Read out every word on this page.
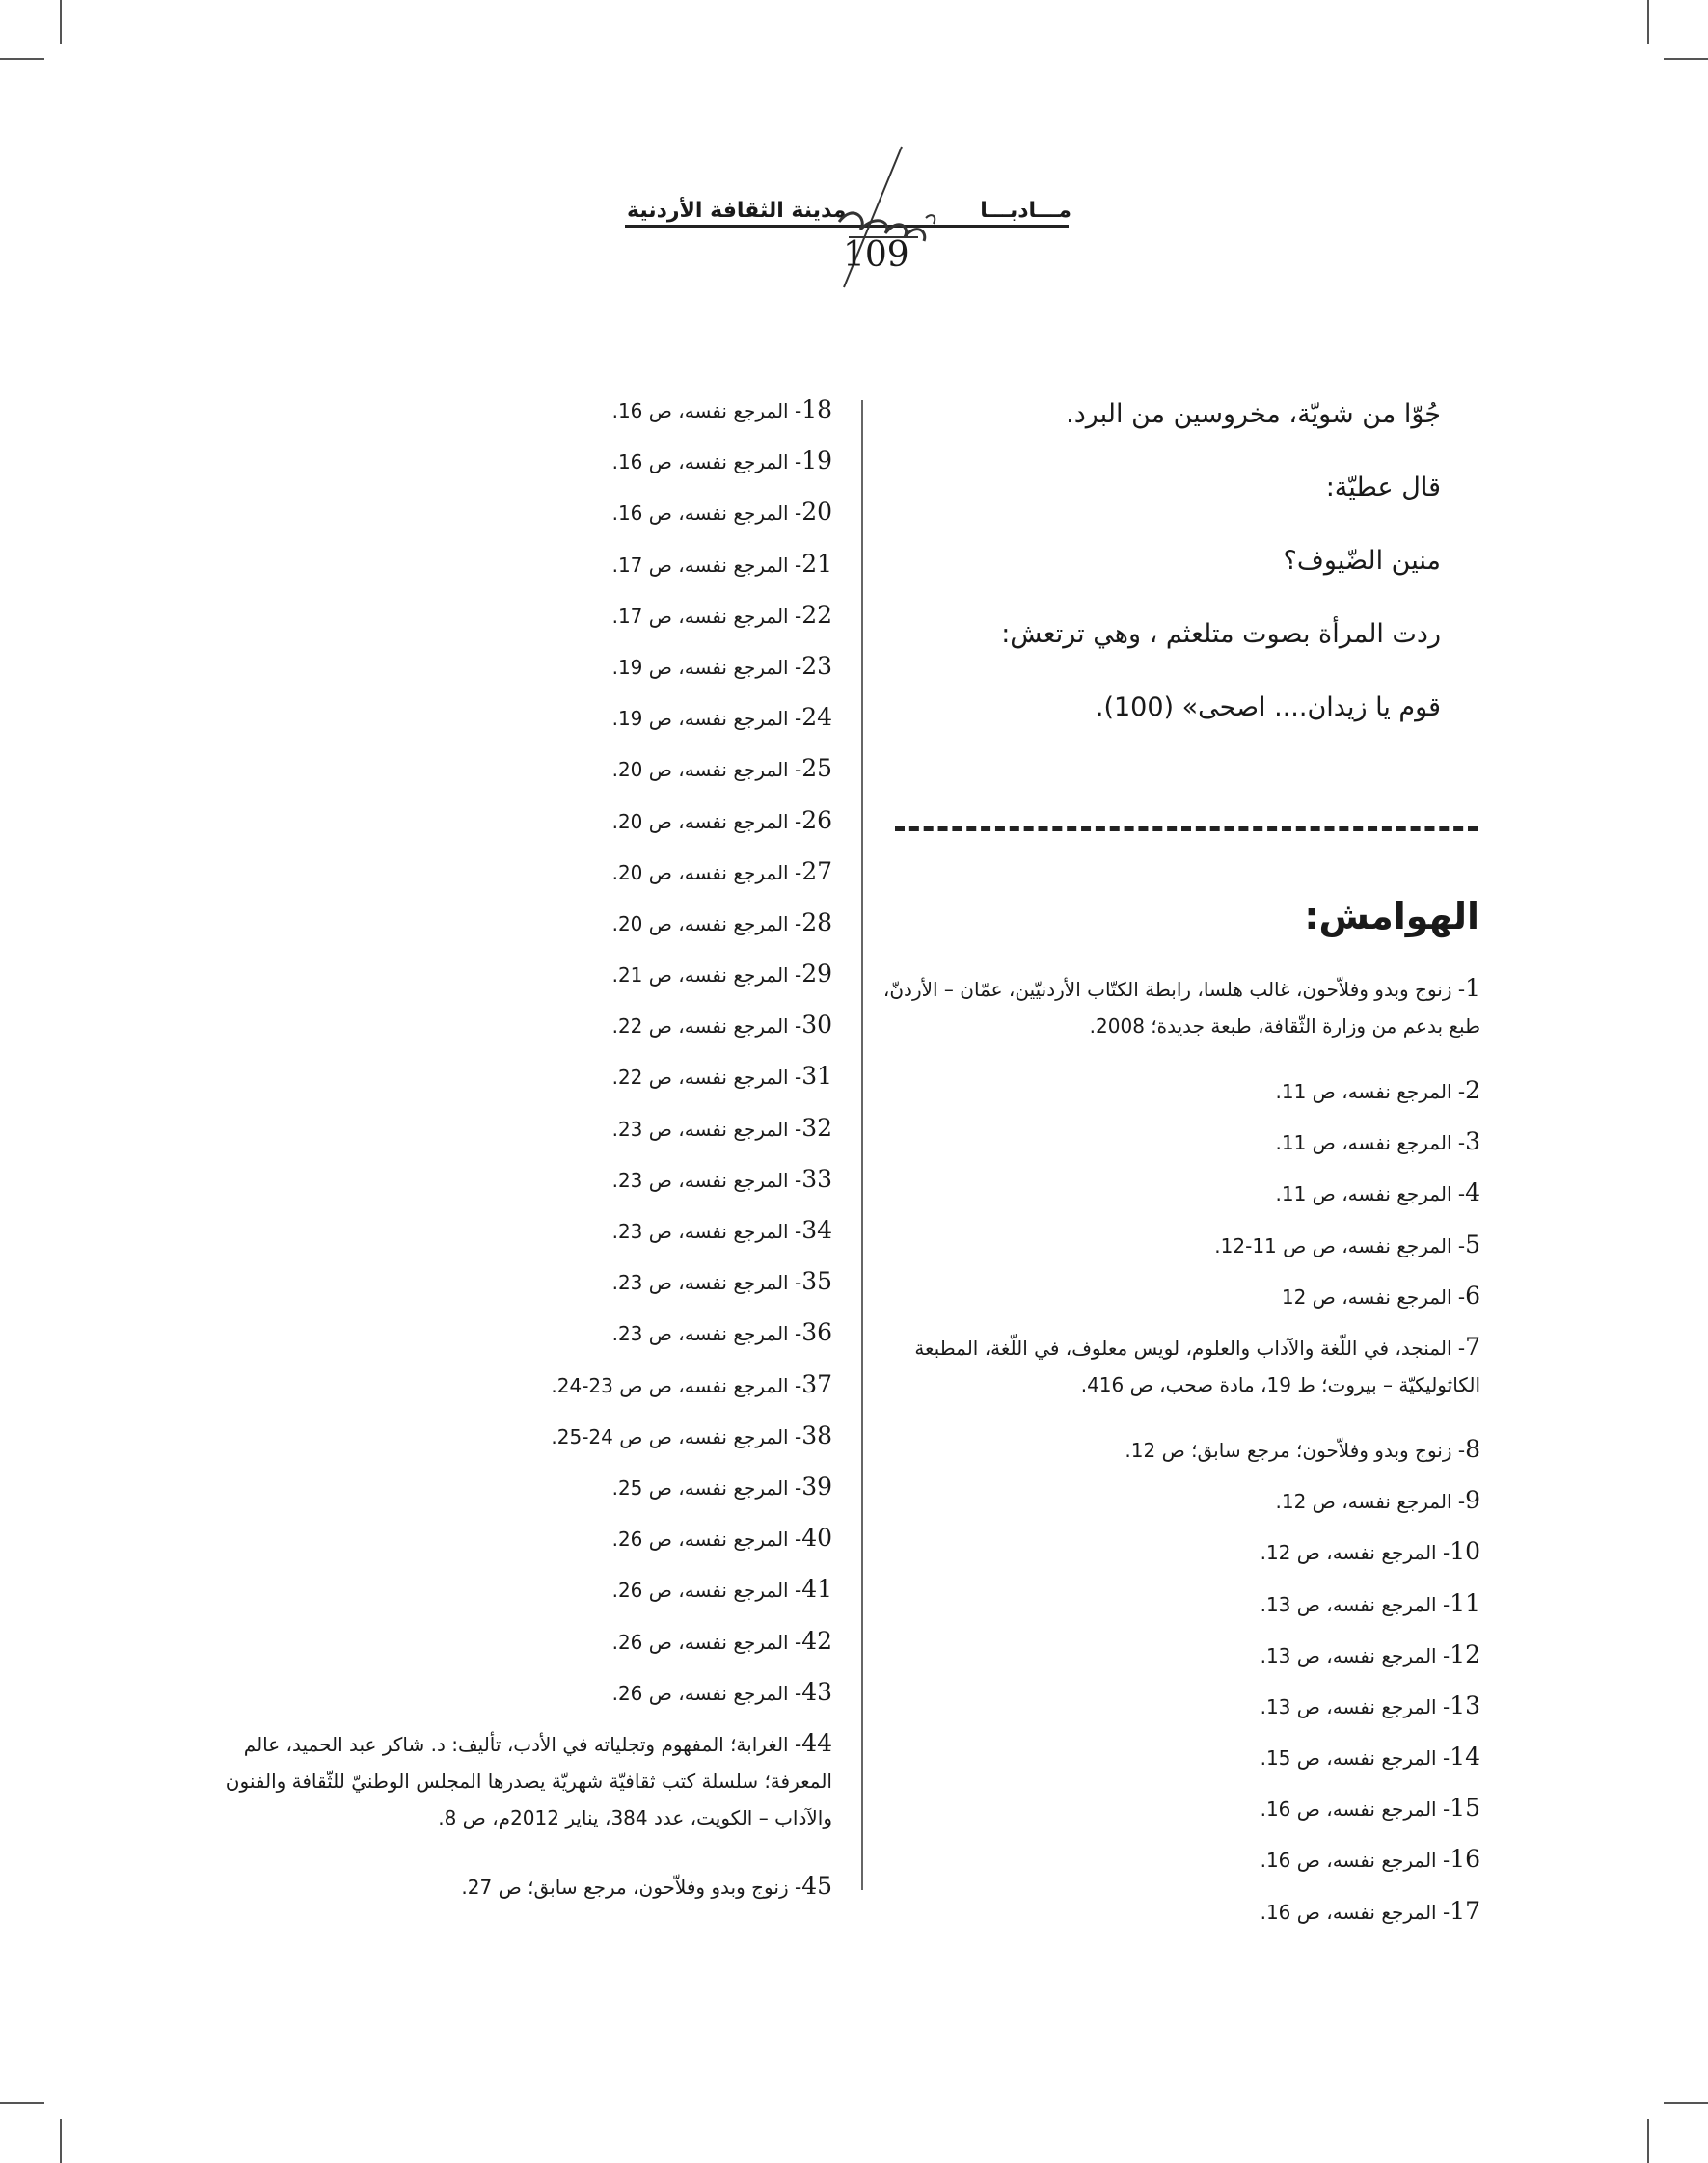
مـــادبـــا
مدينة الثقافة الأردنية
109
جُوّا من شويّة، مخروسين من البرد.
قال عطيّة:
منين الضّيوف؟
ردت المرأة بصوت متلعثم ، وهي ترتعش:
قوم يا زيدان.... اصحى» (100).
الهوامش:
1- زنوج وبدو وفلاّحون، غالب هلسا، رابطة الكتّاب الأردنيّين، عمّان – الأردنّ، طبع بدعم من وزارة الثّقافة، طبعة جديدة؛ 2008.
2- المرجع نفسه، ص 11.
3- المرجع نفسه، ص 11.
4- المرجع نفسه، ص 11.
5- المرجع نفسه، ص ص 11-12.
6- المرجع نفسه، ص 12
7- المنجد، في اللّغة والآداب والعلوم، لويس معلوف، في اللّغة، المطبعة الكاثوليكيّة – بيروت؛ ط 19، مادة صحب، ص 416.
8- زنوج وبدو وفلاّحون؛ مرجع سابق؛ ص 12.
9- المرجع نفسه، ص 12.
10- المرجع نفسه، ص 12.
11- المرجع نفسه، ص 13.
12- المرجع نفسه، ص 13.
13- المرجع نفسه، ص 13.
14- المرجع نفسه، ص 15.
15- المرجع نفسه، ص 16.
16- المرجع نفسه، ص 16.
17- المرجع نفسه، ص 16.
18- المرجع نفسه، ص 16.
19- المرجع نفسه، ص 16.
20- المرجع نفسه، ص 16.
21- المرجع نفسه، ص 17.
22- المرجع نفسه، ص 17.
23- المرجع نفسه، ص 19.
24- المرجع نفسه، ص 19.
25- المرجع نفسه، ص 20.
26- المرجع نفسه، ص 20.
27- المرجع نفسه، ص 20.
28- المرجع نفسه، ص 20.
29- المرجع نفسه، ص 21.
30- المرجع نفسه، ص 22.
31- المرجع نفسه، ص 22.
32- المرجع نفسه، ص 23.
33- المرجع نفسه، ص 23.
34- المرجع نفسه، ص 23.
35- المرجع نفسه، ص 23.
36- المرجع نفسه، ص 23.
37- المرجع نفسه، ص ص 23-24.
38- المرجع نفسه، ص ص 24-25.
39- المرجع نفسه، ص 25.
40- المرجع نفسه، ص 26.
41- المرجع نفسه، ص 26.
42- المرجع نفسه، ص 26.
43- المرجع نفسه، ص 26.
44- الغرابة؛ المفهوم وتجلياته في الأدب، تأليف: د. شاكر عبد الحميد، عالم المعرفة؛ سلسلة كتب ثقافيّة شهريّة يصدرها المجلس الوطنيّ للثّقافة والفنون والآداب – الكويت، عدد 384، يناير 2012م، ص 8.
45- زنوج وبدو وفلاّحون، مرجع سابق؛ ص 27.
